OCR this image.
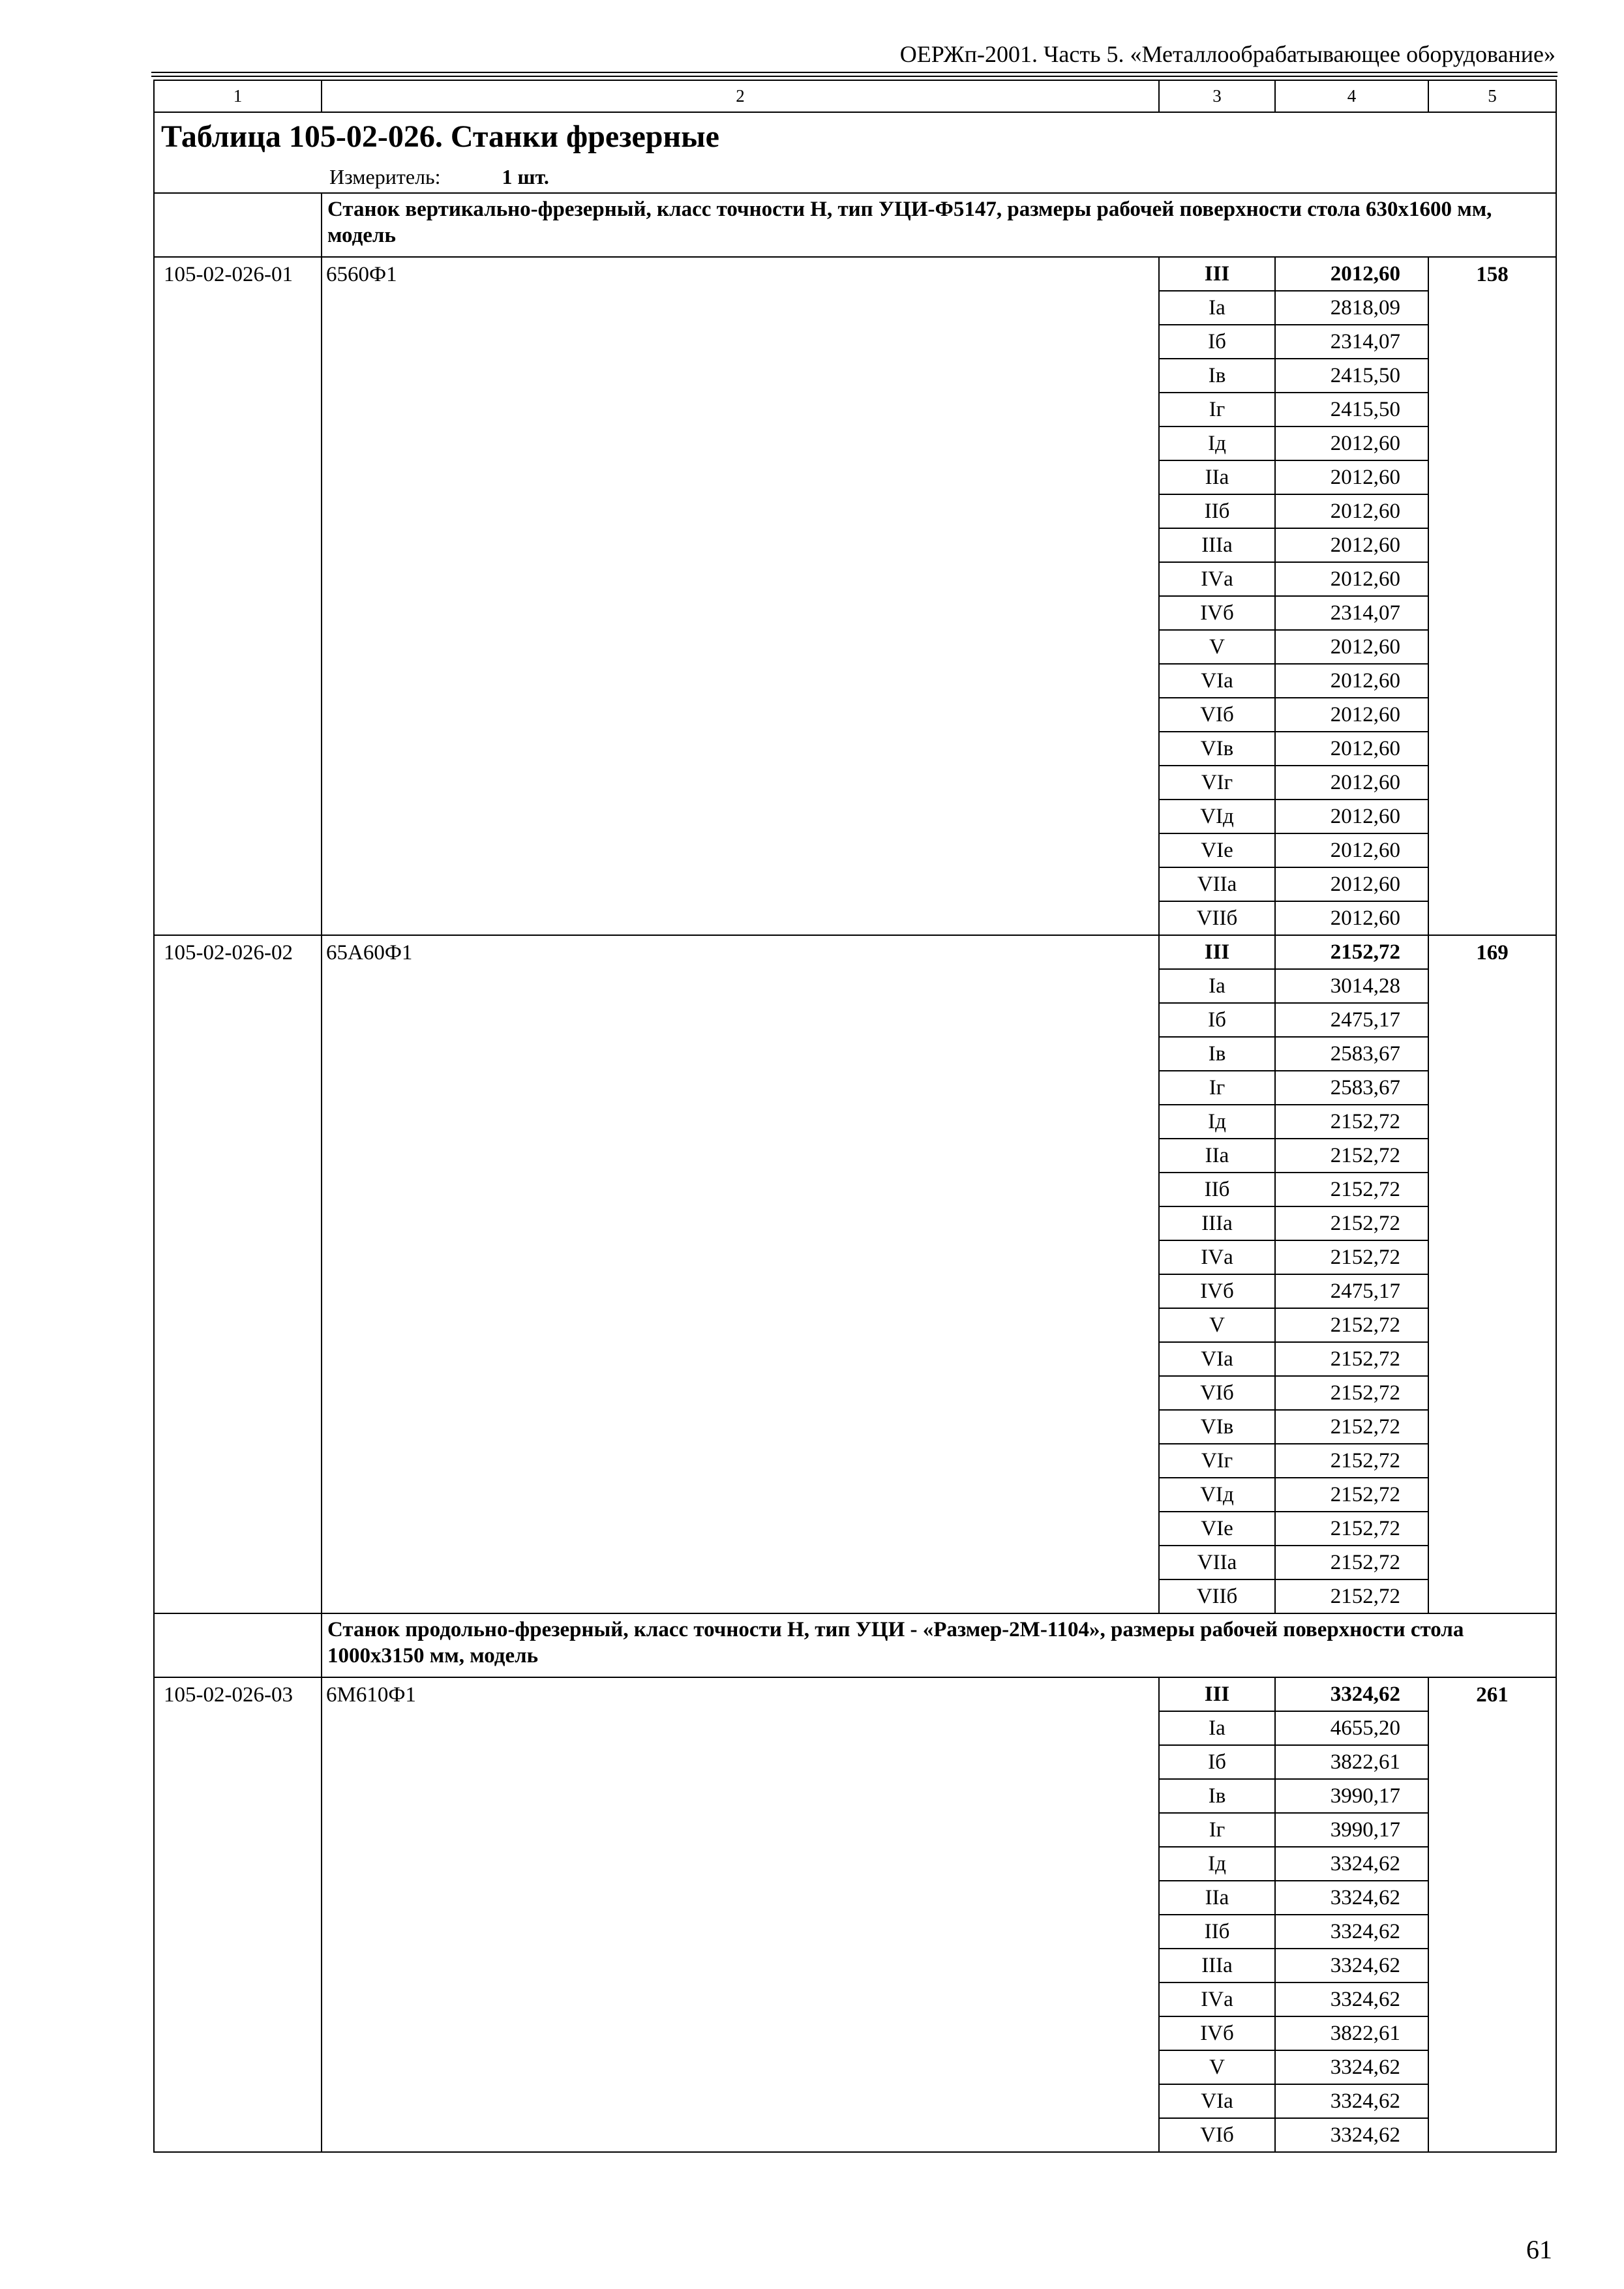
ОЕРЖп-2001. Часть 5. «Металлообрабатывающее оборудование»
1	2	3	4	5

Таблица 105-02-026. Станки фрезерные
Измеритель: 1 шт.				

	Станок вертикально-фрезерный, класс точности Н, тип УЦИ-Ф5147, размеры рабочей поверхности стола 630х1600 мм, модель			
105-02-026-01	6560Ф1	III	2012,60	158
		Iа	2818,09	
		Iб	2314,07	
		Iв	2415,50	
		Iг	2415,50	
		Iд	2012,60	
		IIа	2012,60	
		IIб	2012,60	
		IIIа	2012,60	
		IVа	2012,60	
		IVб	2314,07	
		V	2012,60	
		VIа	2012,60	
		VIб	2012,60	
		VIв	2012,60	
		VIг	2012,60	
		VIд	2012,60	
		VIе	2012,60	
		VIIа	2012,60	
		VIIб	2012,60	
105-02-026-02	65А60Ф1	III	2152,72	169
		Iа	3014,28	
		Iб	2475,17	
		Iв	2583,67	
		Iг	2583,67	
		Iд	2152,72	
		IIа	2152,72	
		IIб	2152,72	
		IIIа	2152,72	
		IVа	2152,72	
		IVб	2475,17	
		V	2152,72	
		VIа	2152,72	
		VIб	2152,72	
		VIв	2152,72	
		VIг	2152,72	
		VIд	2152,72	
		VIе	2152,72	
		VIIа	2152,72	
		VIIб	2152,72	
	Станок продольно-фрезерный, класс точности Н, тип УЦИ - «Размер-2М-1104», размеры рабочей поверхности стола 1000х3150 мм, модель			
105-02-026-03	6М610Ф1	III	3324,62	261
		Iа	4655,20	
		Iб	3822,61	
		Iв	3990,17	
		Iг	3990,17	
		Iд	3324,62	
		IIа	3324,62	
		IIб	3324,62	
		IIIа	3324,62	
		IVа	3324,62	
		IVб	3822,61	
		V	3324,62	
		VIа	3324,62	
		VIб	3324,62	
61
